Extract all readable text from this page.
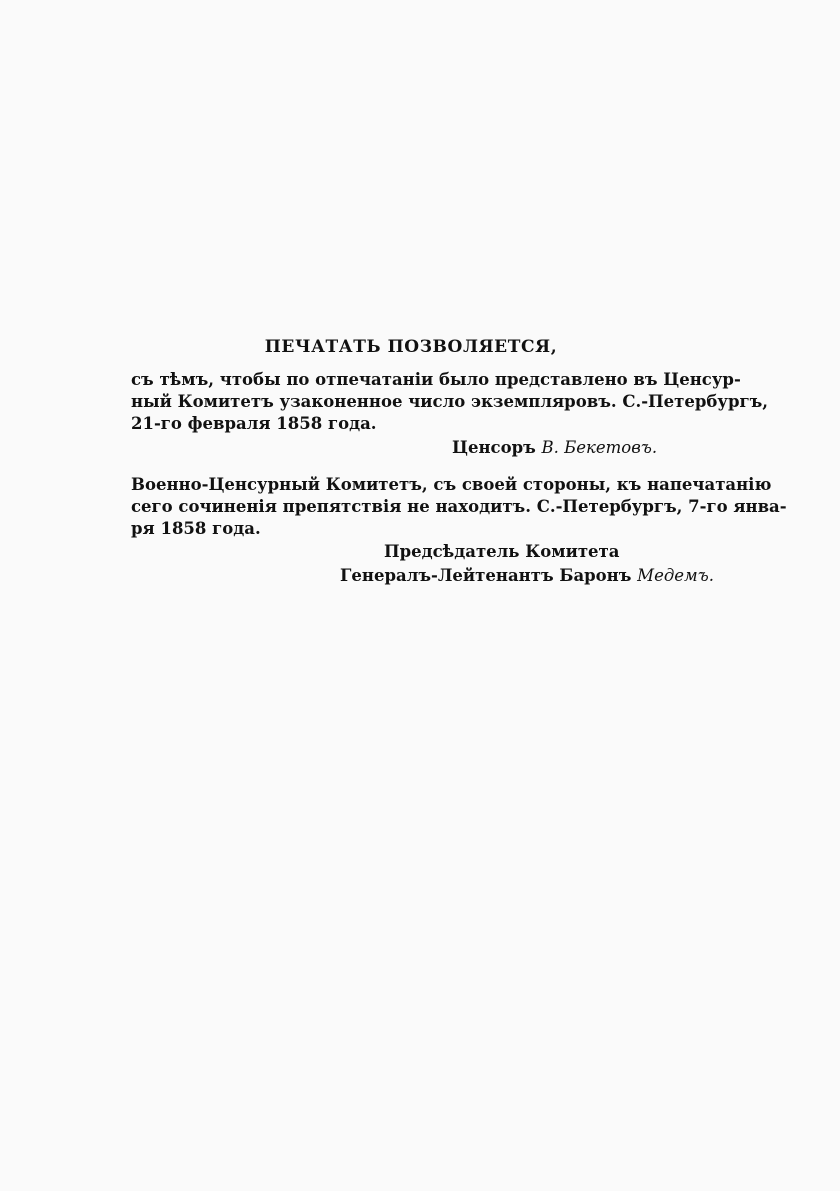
ПЕЧАТАТЬ ПОЗВОЛЯЕТСЯ,
съ тѣмъ, чтобы по отпечатаніи было представлено въ Ценсур-
ный Комитетъ узаконенное число экземпляровъ. С.-Петербургъ,
21-го февраля 1858 года.
Ценсоръ В. Бекетовъ.
Военно-Ценсурный Комитетъ, съ своей стороны, къ напечатанію
сего сочиненія препятствія не находитъ. С.-Петербургъ, 7-го янва-
ря 1858 года.
Предсѣдатель Комитета
Генералъ-Лейтенантъ Баронъ Медемъ.
